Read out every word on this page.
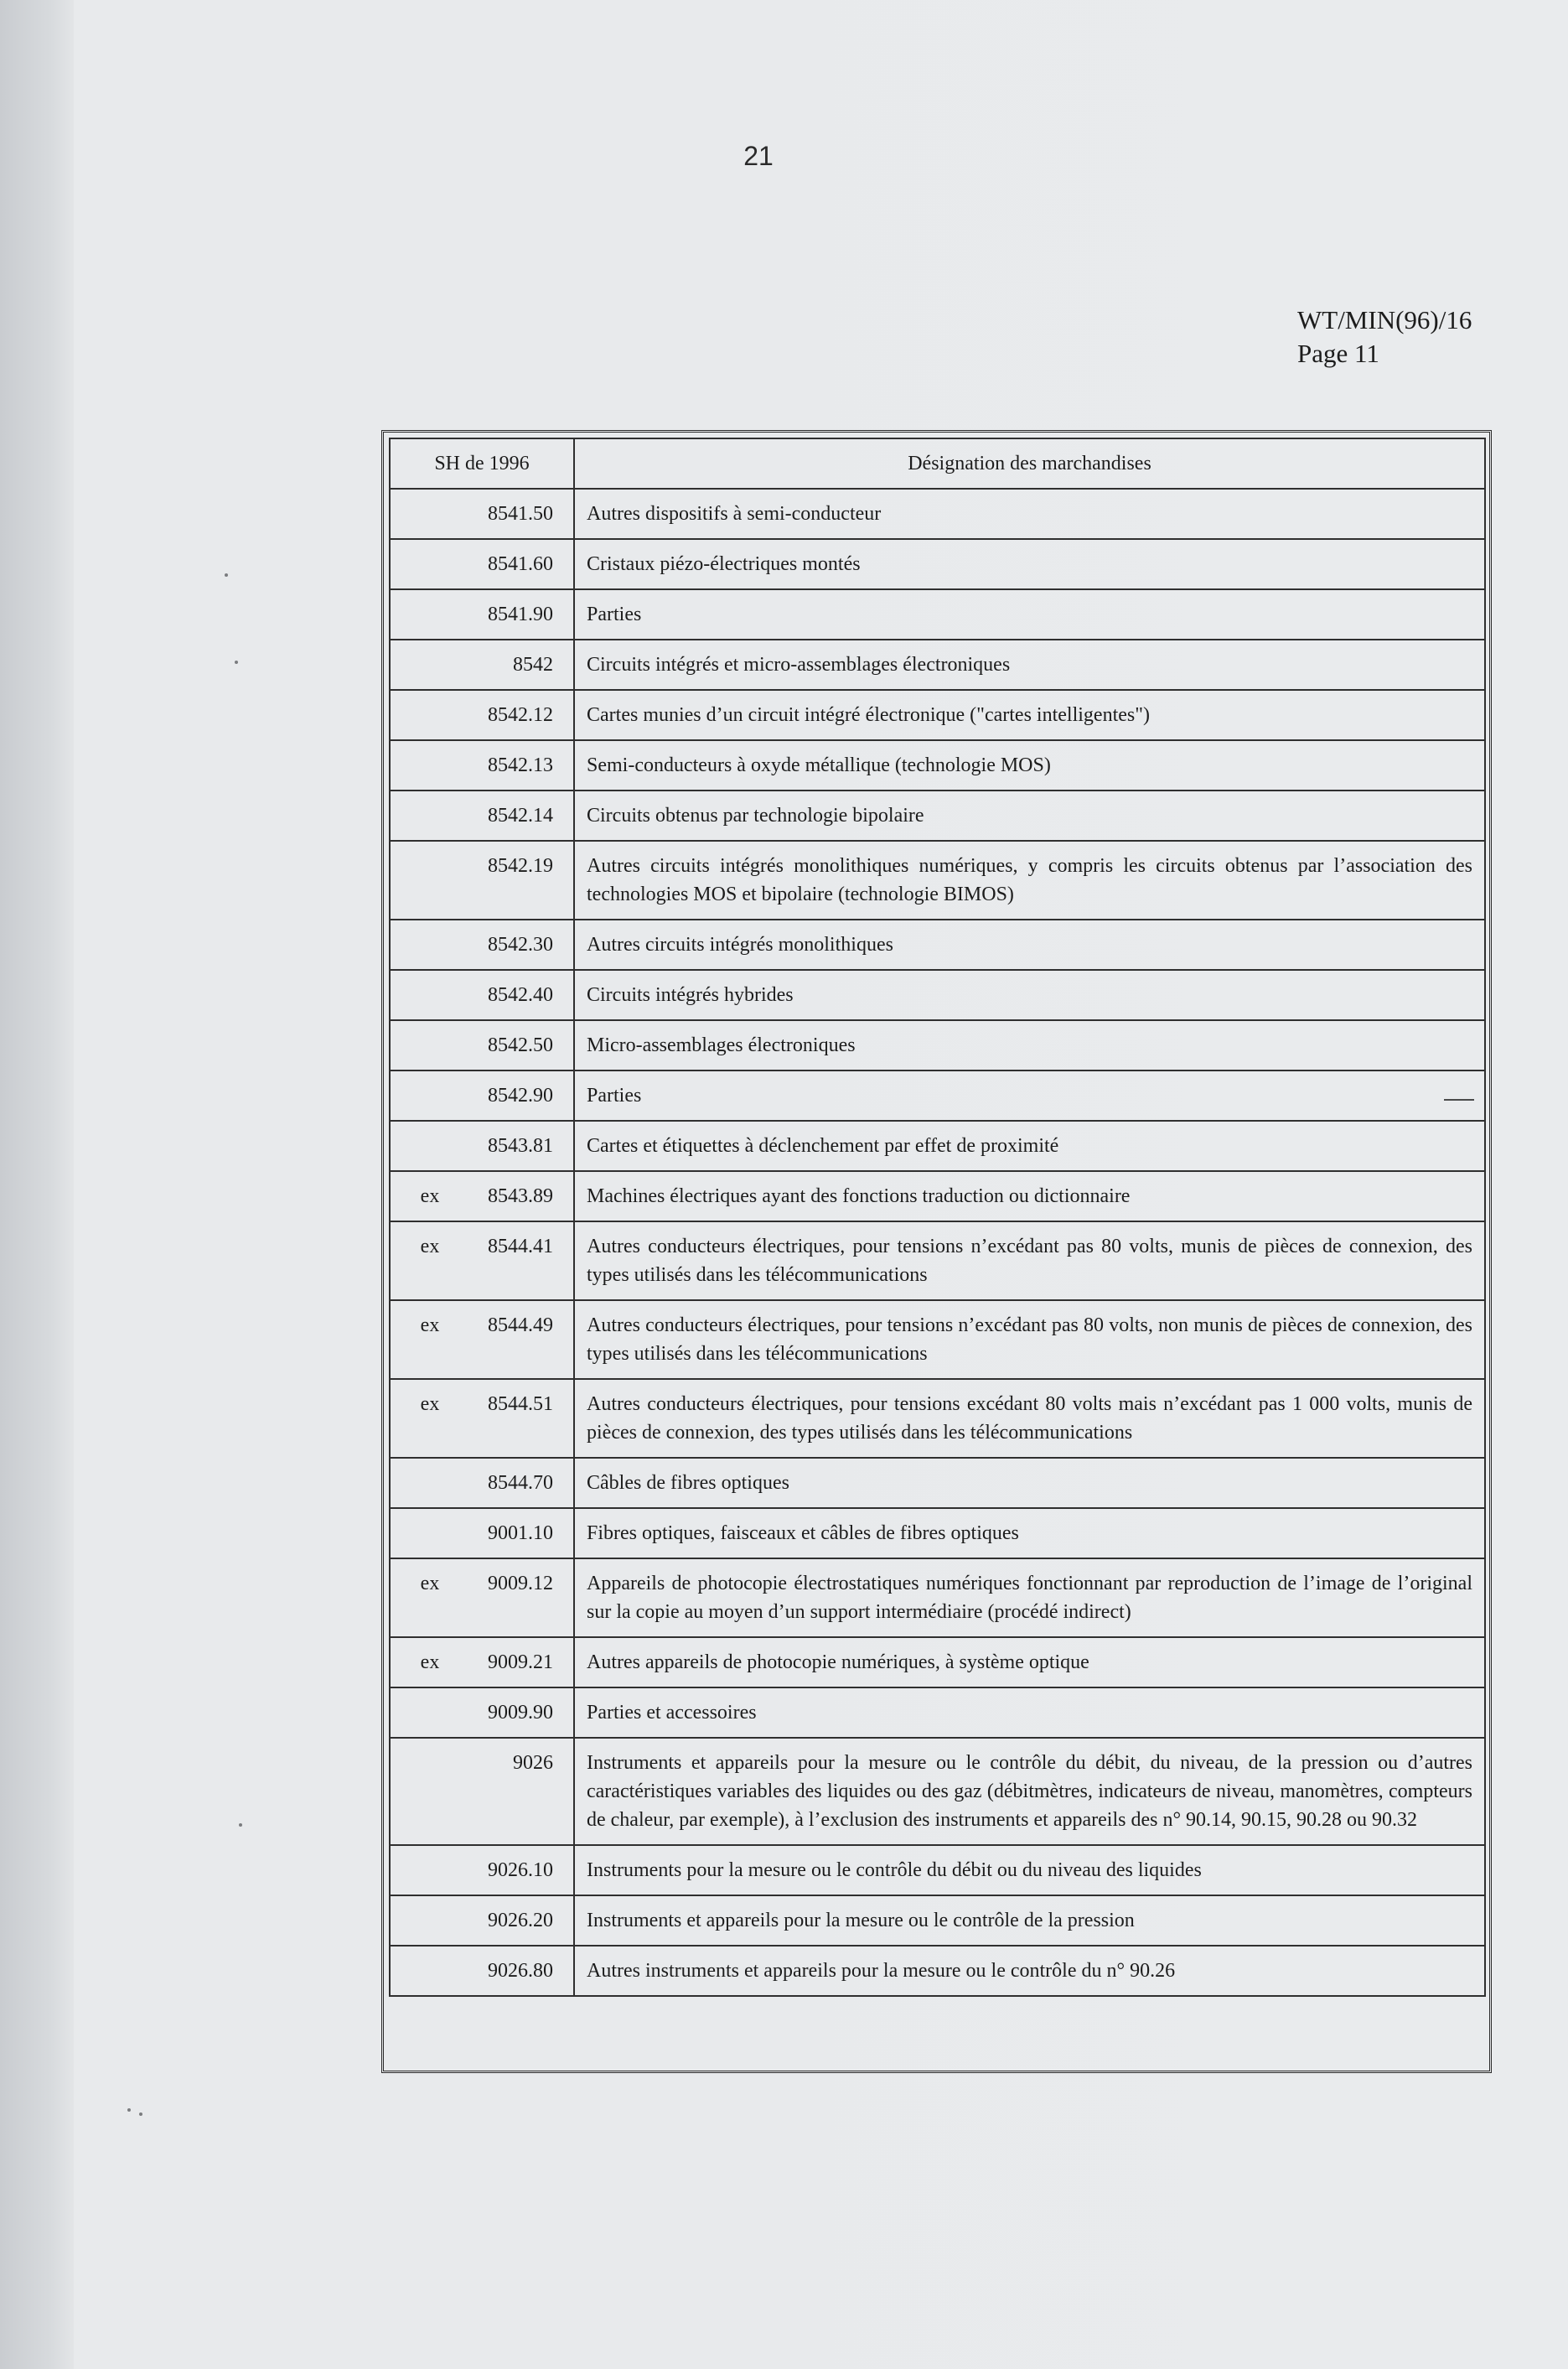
21
WT/MIN(96)/16
Page 11
SH de 1996		Désignation des marchandises
	8541.50	Autres dispositifs à semi-conducteur
	8541.60	Cristaux piézo-électriques montés
	8541.90	Parties
	8542	Circuits intégrés et micro-assemblages électroniques
	8542.12	Cartes munies d’un circuit intégré électronique ("cartes intelligentes")
	8542.13	Semi-conducteurs à oxyde métallique (technologie MOS)
	8542.14	Circuits obtenus par technologie bipolaire
	8542.19	Autres circuits intégrés monolithiques numériques, y compris les circuits obtenus par l’association des technologies MOS et bipolaire (technologie BIMOS)
	8542.30	Autres circuits intégrés monolithiques
	8542.40	Circuits intégrés hybrides
	8542.50	Micro-assemblages électroniques
	8542.90	Parties
	8543.81	Cartes et étiquettes à déclenchement par effet de proximité
ex	8543.89	Machines électriques ayant des fonctions traduction ou dictionnaire
ex	8544.41	Autres conducteurs électriques, pour tensions n’excédant pas 80 volts, munis de pièces de connexion, des types utilisés dans les télécommunications
ex	8544.49	Autres conducteurs électriques, pour tensions n’excédant pas 80 volts, non munis de pièces de connexion, des types utilisés dans les télécommunications
ex	8544.51	Autres conducteurs électriques, pour tensions excédant 80 volts mais n’excédant pas 1 000 volts, munis de pièces de connexion, des types utilisés dans les télécommunications
	8544.70	Câbles de fibres optiques
	9001.10	Fibres optiques, faisceaux et câbles de fibres optiques
ex	9009.12	Appareils de photocopie électrostatiques numériques fonctionnant par reproduction de l’image de l’original sur la copie au moyen d’un support intermédiaire (procédé indirect)
ex	9009.21	Autres appareils de photocopie numériques, à système optique
	9009.90	Parties et accessoires
	9026	Instruments et appareils pour la mesure ou le contrôle du débit, du niveau, de la pression ou d’autres caractéristiques variables des liquides ou des gaz (débitmètres, indicateurs de niveau, manomètres, compteurs de chaleur, par exemple), à l’exclusion des instruments et appareils des n° 90.14, 90.15, 90.28 ou 90.32
	9026.10	Instruments pour la mesure ou le contrôle du débit ou du niveau des liquides
	9026.20	Instruments et appareils pour la mesure ou le contrôle de la pression
	9026.80	Autres instruments et appareils pour la mesure ou le contrôle du n° 90.26
